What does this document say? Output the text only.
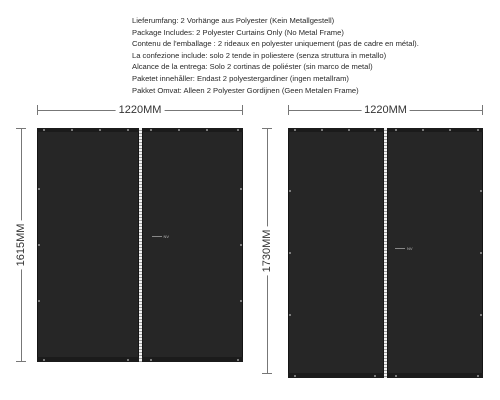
Lieferumfang: 2 Vorhänge aus Polyester (Kein Metallgestell)
Package Includes: 2 Polyester Curtains Only (No Metal Frame)
Contenu de l'emballage : 2 rideaux en polyester uniquement (pas de cadre en métal).
La confezione include: solo 2 tende in poliestere (senza struttura in metallo)
Alcance de la entrega: Solo 2 cortinas de poliéster (sin marco de metal)
Paketet innehåller: Endast 2 polyestergardiner (ingen metallram)
Pakket Omvat: Alleen 2 Polyester Gordijnen (Geen Metalen Frame)
1220MM
1615MM	NV
1220MM
1730MM	NV
